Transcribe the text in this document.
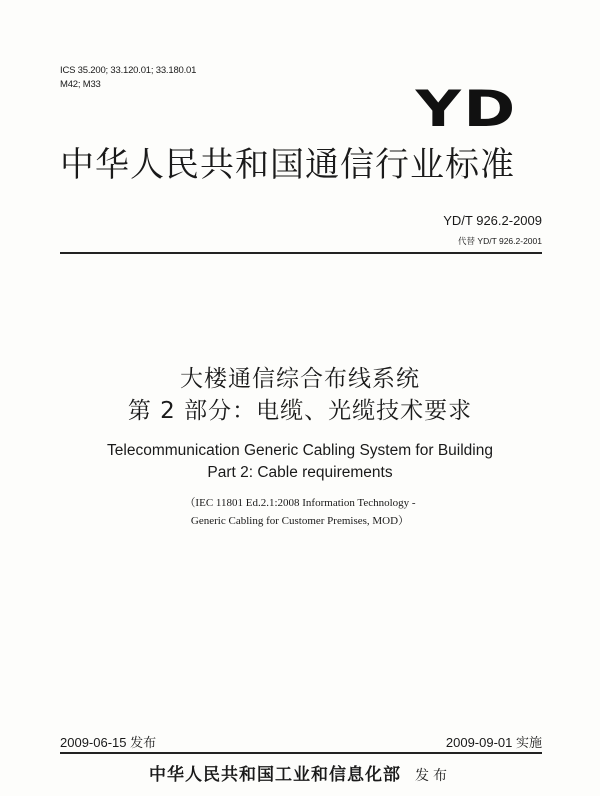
ICS 35.200; 33.120.01; 33.180.01
M42; M33	YD
中华人民共和国通信行业标准
YD/T 926.2-2009
代替 YD/T 926.2-2001
大楼通信综合布线系统
第 2 部分：电缆、光缆技术要求
Telecommunication Generic Cabling System for Building
Part 2: Cable requirements
（IEC 11801 Ed.2.1:2008 Information Technology -
Generic Cabling for Customer Premises, MOD）
2009-06-15 发布	2009-09-01 实施
中华人民共和国工业和信息化部 发布
